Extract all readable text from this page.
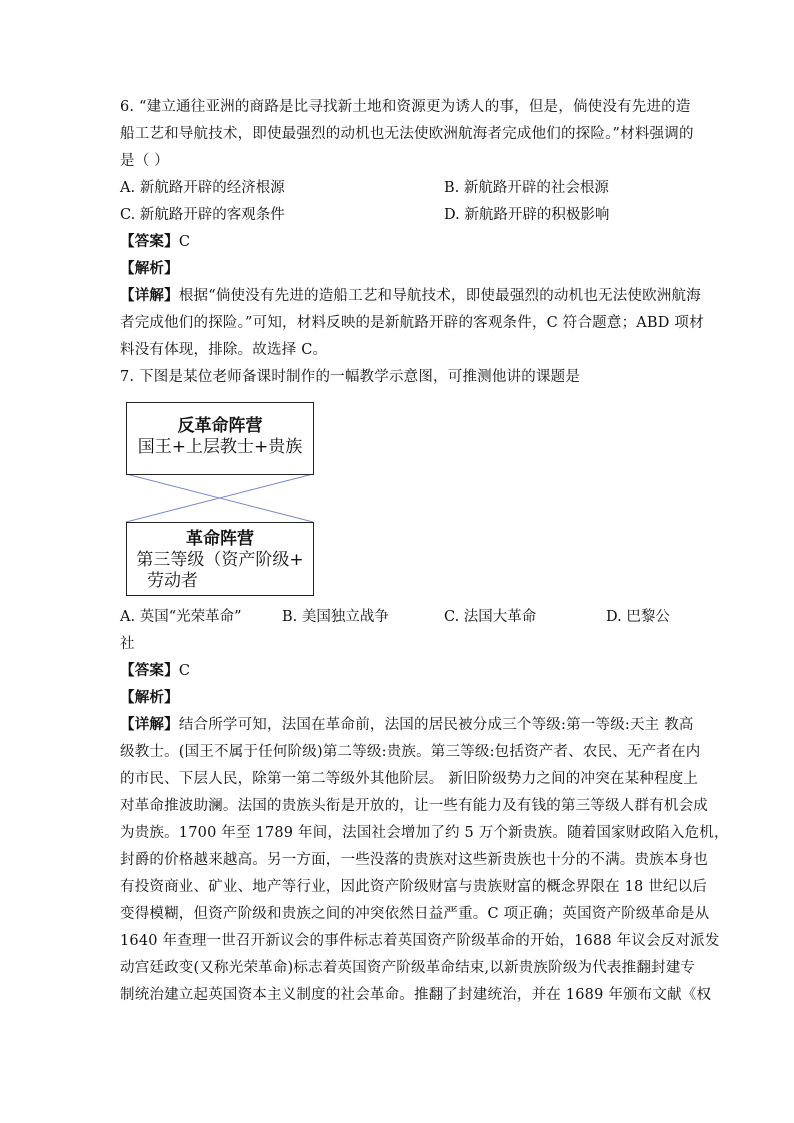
6. “建立通往亚洲的商路是比寻找新土地和资源更为诱人的事，但是，倘使没有先进的造
船工艺和导航技术，即使最强烈的动机也无法使欧洲航海者完成他们的探险。”材料强调的
是（ ）
A. 新航路开辟的经济根源	B. 新航路开辟的社会根源
C. 新航路开辟的客观条件	D. 新航路开辟的积极影响
【答案】C
【解析】
【详解】根据“倘使没有先进的造船工艺和导航技术，即使最强烈的动机也无法使欧洲航海
者完成他们的探险。”可知，材料反映的是新航路开辟的客观条件，C 符合题意；ABD 项材
料没有体现，排除。故选择 C。
7. 下图是某位老师备课时制作的一幅教学示意图，可推测他讲的课题是
反革命阵营
国王+上层教士+贵族
革命阵营
第三等级（资产阶级+
劳动者
A. 英国“光荣革命”	B. 美国独立战争	C. 法国大革命	D. 巴黎公
社
【答案】C
【解析】
【详解】结合所学可知，法国在革命前，法国的居民被分成三个等级:第一等级:天主 教高
级教士。(国王不属于任何阶级)第二等级:贵族。第三等级:包括资产者、农民、无产者在内
的市民、下层人民，除第一第二等级外其他阶层。 新旧阶级势力之间的冲突在某种程度上
对革命推波助澜。法国的贵族头衔是开放的，让一些有能力及有钱的第三等级人群有机会成
为贵族。1700 年至 1789 年间，法国社会增加了约 5 万个新贵族。随着国家财政陷入危机，
封爵的价格越来越高。另一方面，一些没落的贵族对这些新贵族也十分的不满。贵族本身也
有投资商业、矿业、地产等行业，因此资产阶级财富与贵族财富的概念界限在 18 世纪以后
变得模糊，但资产阶级和贵族之间的冲突依然日益严重。C 项正确；英国资产阶级革命是从
1640 年查理一世召开新议会的事件标志着英国资产阶级革命的开始，1688 年议会反对派发
动宫廷政变(又称光荣革命)标志着英国资产阶级革命结束,以新贵族阶级为代表推翻封建专
制统治建立起英国资本主义制度的社会革命。推翻了封建统治，并在 1689 年颁布文献《权
